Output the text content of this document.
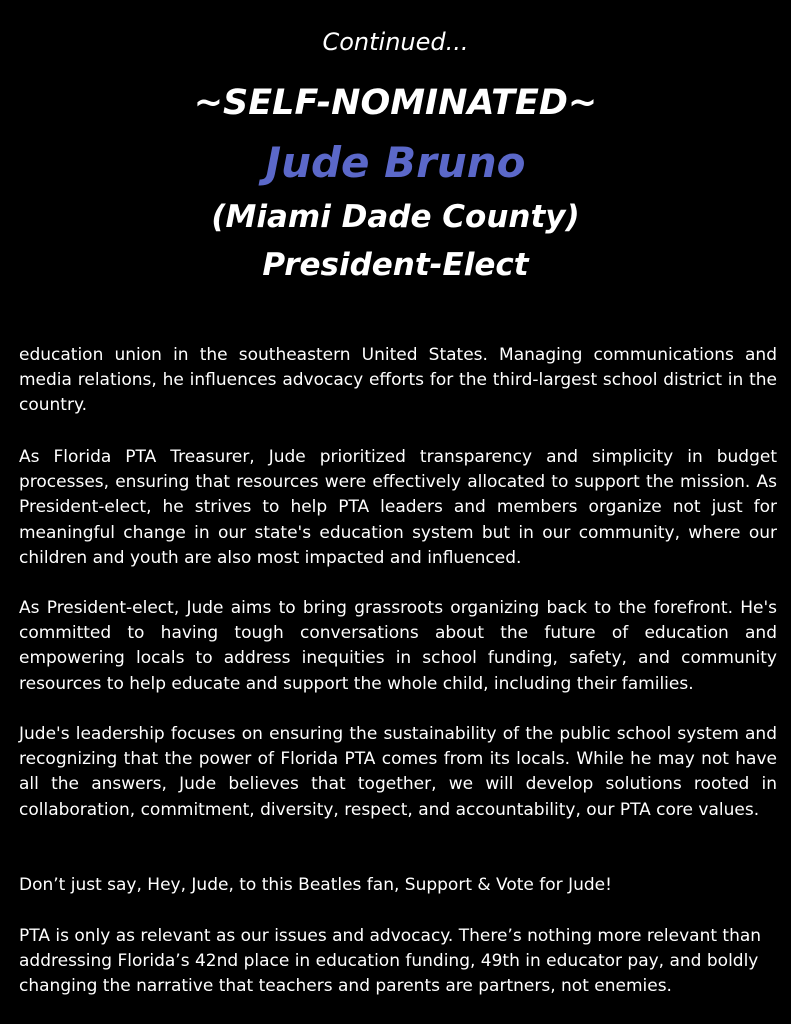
Continued...
~SELF-NOMINATED~
Jude Bruno
(Miami Dade County)
President-Elect

education union in the southeastern United States. Managing communications and media relations, he influences advocacy efforts for the third-largest school district in the country.

As Florida PTA Treasurer, Jude prioritized transparency and simplicity in budget processes, ensuring that resources were effectively allocated to support the mission. As President-elect, he strives to help PTA leaders and members organize not just for meaningful change in our state's education system but in our community, where our children and youth are also most impacted and influenced.

As President-elect, Jude aims to bring grassroots organizing back to the forefront. He's committed to having tough conversations about the future of education and empowering locals to address inequities in school funding, safety, and community resources to help educate and support the whole child, including their families.

Jude's leadership focuses on ensuring the sustainability of the public school system and recognizing that the power of Florida PTA comes from its locals. While he may not have all the answers, Jude believes that together, we will develop solutions rooted in collaboration, commitment, diversity, respect, and accountability, our PTA core values.

Don’t just say, Hey, Jude, to this Beatles fan, Support & Vote for Jude!

PTA is only as relevant as our issues and advocacy. There’s nothing more relevant than addressing Florida’s 42nd place in education funding, 49th in educator pay, and boldly changing the narrative that teachers and parents are partners, not enemies.
